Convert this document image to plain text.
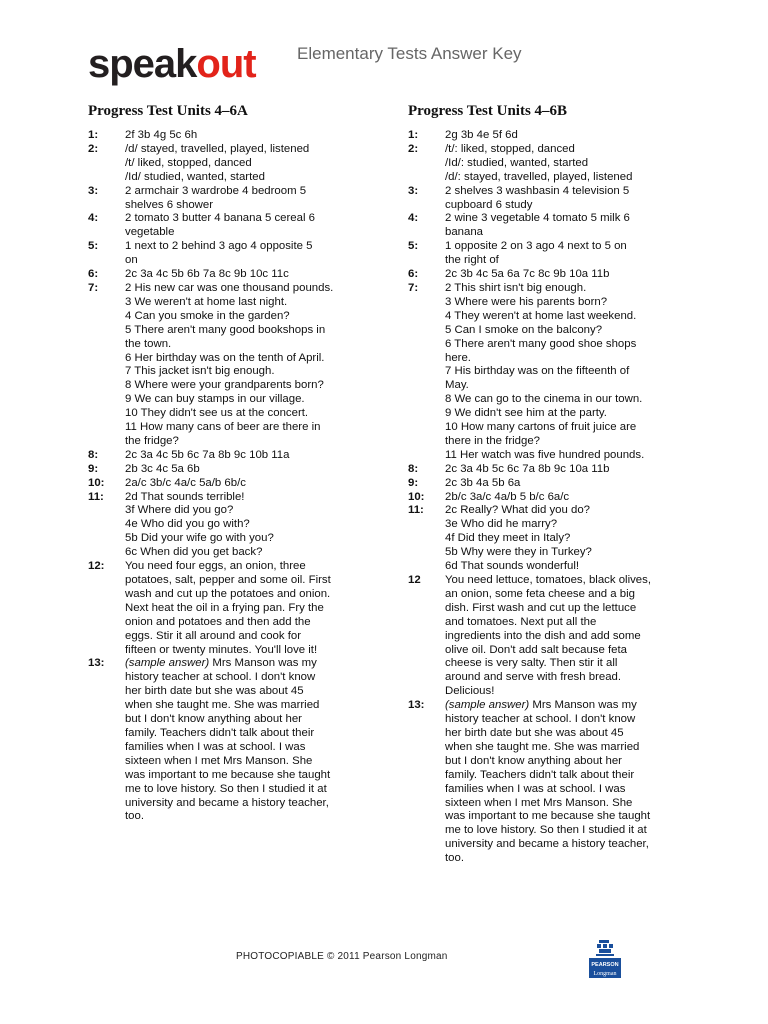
speakout Elementary Tests Answer Key
Progress Test Units 4–6A
1:	2f 3b 4g 5c 6h
2:	/d/ stayed, travelled, played, listened
/t/ liked, stopped, danced
/Id/ studied, wanted, started
3:	2 armchair 3 wardrobe 4 bedroom 5
shelves 6 shower
4:	2 tomato 3 butter 4 banana 5 cereal 6
vegetable
5:	1 next to 2 behind 3 ago 4 opposite 5
on
6:	2c 3a 4c 5b 6b 7a 8c 9b 10c 11c
7:	2 His new car was one thousand pounds.
3 We weren't at home last night.
4 Can you smoke in the garden?
5 There aren't many good bookshops in
the town.
6 Her birthday was on the tenth of April.
7 This jacket isn't big enough.
8 Where were your grandparents born?
9 We can buy stamps in our village.
10 They didn't see us at the concert.
11 How many cans of beer are there in
the fridge?
8:	2c 3a 4c 5b 6c 7a 8b 9c 10b 11a
9:	2b 3c 4c 5a 6b
10:	2a/c 3b/c 4a/c 5a/b 6b/c
11:	2d That sounds terrible!
3f Where did you go?
4e Who did you go with?
5b Did your wife go with you?
6c When did you get back?
12:	You need four eggs, an onion, three
potatoes, salt, pepper and some oil. First
wash and cut up the potatoes and onion.
Next heat the oil in a frying pan. Fry the
onion and potatoes and then add the
eggs. Stir it all around and cook for
fifteen or twenty minutes. You'll love it!
13:	(sample answer) Mrs Manson was my
history teacher at school. I don't know
her birth date but she was about 45
when she taught me. She was married
but I don't know anything about her
family. Teachers didn't talk about their
families when I was at school. I was
sixteen when I met Mrs Manson. She
was important to me because she taught
me to love history. So then I studied it at
university and became a history teacher,
too.
Progress Test Units 4–6B
1:	2g 3b 4e 5f 6d
2:	/t/: liked, stopped, danced
/Id/: studied, wanted, started
/d/: stayed, travelled, played, listened
3:	2 shelves 3 washbasin 4 television 5
cupboard 6 study
4:	2 wine 3 vegetable 4 tomato 5 milk 6
banana
5:	1 opposite 2 on 3 ago 4 next to 5 on
the right of
6:	2c 3b 4c 5a 6a 7c 8c 9b 10a 11b
7:	2 This shirt isn't big enough.
3 Where were his parents born?
4 They weren't at home last weekend.
5 Can I smoke on the balcony?
6 There aren't many good shoe shops
here.
7 His birthday was on the fifteenth of
May.
8 We can go to the cinema in our town.
9 We didn't see him at the party.
10 How many cartons of fruit juice are
there in the fridge?
11 Her watch was five hundred pounds.
8:	2c 3a 4b 5c 6c 7a 8b 9c 10a 11b
9:	2c 3b 4a 5b 6a
10:	2b/c 3a/c 4a/b 5 b/c 6a/c
11:	2c Really? What did you do?
3e Who did he marry?
4f Did they meet in Italy?
5b Why were they in Turkey?
6d That sounds wonderful!
12	You need lettuce, tomatoes, black olives,
an onion, some feta cheese and a big
dish. First wash and cut up the lettuce
and tomatoes. Next put all the
ingredients into the dish and add some
olive oil. Don't add salt because feta
cheese is very salty. Then stir it all
around and serve with fresh bread.
Delicious!
13:	(sample answer) Mrs Manson was my
history teacher at school. I don't know
her birth date but she was about 45
when she taught me. She was married
but I don't know anything about her
family. Teachers didn't talk about their
families when I was at school. I was
sixteen when I met Mrs Manson. She
was important to me because she taught
me to love history. So then I studied it at
university and became a history teacher,
too.
PHOTOCOPIABLE © 2011 Pearson Longman
PEARSON
Longman
